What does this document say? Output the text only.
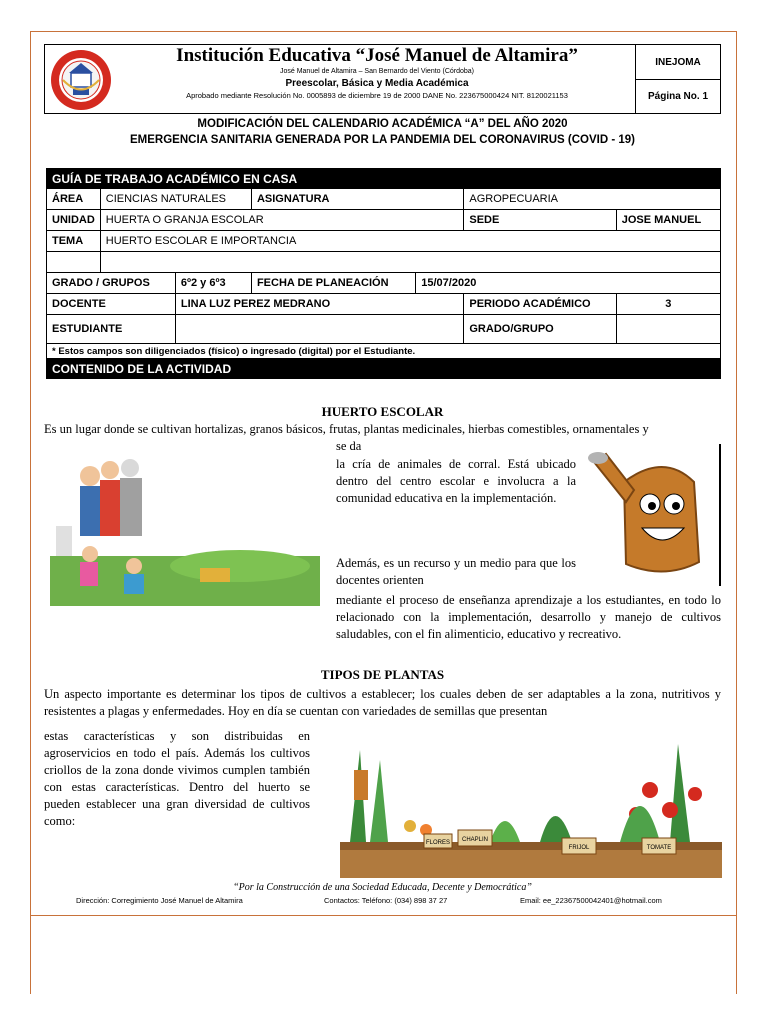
Institución Educativa “José Manuel de Altamira”
José Manuel de Altamira – San Bernardo del Viento (Córdoba)
Preescolar, Básica y Media Académica
Aprobado mediante Resolución No. 0005893 de diciembre 19 de 2000 DANE No. 223675000424 NIT. 8120021153
INEJOMA
Página No. 1
MODIFICACIÓN DEL CALENDARIO ACADÉMICA “A” DEL AÑO 2020
EMERGENCIA SANITARIA GENERADA POR LA PANDEMIA DEL CORONAVIRUS (COVID - 19)
GUÍA DE TRABAJO ACADÉMICO EN CASA						
ÁREA	CIENCIAS NATURALES		ASIGNATURA		AGROPECUARIA	
UNIDAD	HUERTA O GRANJA ESCOLAR				SEDE	JOSE MANUEL
TEMA	HUERTO ESCOLAR E IMPORTANCIA					

GRADO / GRUPOS		6º2 y 6º3	FECHA DE PLANEACIÓN	15/07/2020		
DOCENTE		LINA LUZ PEREZ MEDRANO			PERIODO ACADÉMICO	3
ESTUDIANTE					GRADO/GRUPO	
* Estos campos son diligenciados (físico) o ingresado (digital) por el Estudiante.						
CONTENIDO DE LA ACTIVIDAD						
HUERTO ESCOLAR
Es un lugar donde se cultivan hortalizas, granos básicos, frutas, plantas medicinales, hierbas comestibles, ornamentales y
se da
la cría de animales de corral. Está ubicado dentro del centro escolar e involucra a la comunidad educativa en la implementación.
Además, es un recurso y un medio para que los docentes orienten
mediante el proceso de enseñanza aprendizaje a los estudiantes, en todo lo relacionado con la implementación, desarrollo y manejo de cultivos saludables, con el fin alimenticio, educativo y recreativo.
TIPOS DE PLANTAS
Un aspecto importante es determinar los tipos de cultivos a establecer; los cuales deben de ser adaptables a la zona, nutritivos y resistentes a plagas y enfermedades. Hoy en día se cuentan con variedades de semillas que presentan
estas características y son distribuidas en agroservicios en todo el país. Además los cultivos criollos de la zona donde vivimos cumplen también con estas características. Dentro del huerto se pueden establecer una gran diversidad de cultivos como:
FLORES CHAPLIN
FRIJOL	TOMATE
“Por la Construcción de una Sociedad Educada, Decente y Democrática”
Dirección: Corregimiento José Manuel de Altamira	Contactos: Teléfono: (034) 898 37 27	Email: ee_22367500042401@hotmail.com
